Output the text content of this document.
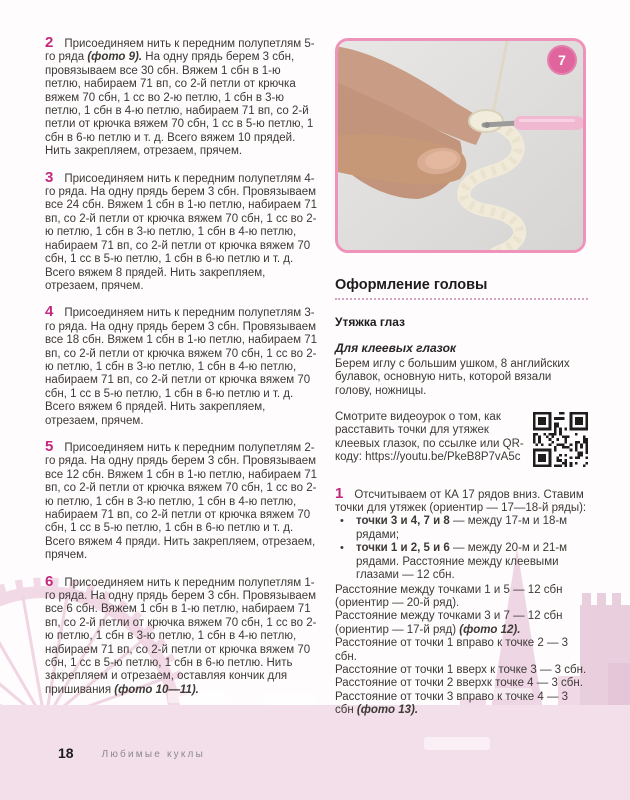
2 Присоединяем нить к передним полупетлям 5-го ряда (фото 9). На одну прядь берем 3 сбн, провязываем все 30 сбн. Вяжем 1 сбн в 1-ю петлю, набираем 71 вп, со 2-й петли от крючка вяжем 70 сбн, 1 сс во 2-ю петлю, 1 сбн в 3-ю петлю, 1 сбн в 4-ю петлю, набираем 71 вп, со 2-й петли от крючка вяжем 70 сбн, 1 сс в 5-ю петлю, 1 сбн в 6-ю петлю и т. д. Всего вяжем 10 прядей. Нить закрепляем, отрезаем, прячем.

3 Присоединяем нить к передним полупетлям 4-го ряда. На одну прядь берем 3 сбн. Провязываем все 24 сбн. Вяжем 1 сбн в 1-ю петлю, набираем 71 вп, со 2-й петли от крючка вяжем 70 сбн, 1 сс во 2-ю петлю, 1 сбн в 3-ю петлю, 1 сбн в 4-ю петлю, набираем 71 вп, со 2-й петли от крючка вяжем 70 сбн, 1 сс в 5-ю петлю, 1 сбн в 6-ю петлю и т. д. Всего вяжем 8 прядей. Нить закрепляем, отрезаем, прячем.

4 Присоединяем нить к передним полупетлям 3-го ряда. На одну прядь берем 3 сбн. Провязываем все 18 сбн. Вяжем 1 сбн в 1-ю петлю, набираем 71 вп, со 2-й петли от крючка вяжем 70 сбн, 1 сс во 2-ю петлю, 1 сбн в 3-ю петлю, 1 сбн в 4-ю петлю, набираем 71 вп, со 2-й петли от крючка вяжем 70 сбн, 1 сс в 5-ю петлю, 1 сбн в 6-ю петлю и т. д. Всего вяжем 6 прядей. Нить закрепляем, отрезаем, прячем.

5 Присоединяем нить к передним полупетлям 2-го ряда. На одну прядь берем 3 сбн. Провязываем все 12 сбн. Вяжем 1 сбн в 1-ю петлю, набираем 71 вп, со 2-й петли от крючка вяжем 70 сбн, 1 сс во 2-ю петлю, 1 сбн в 3-ю петлю, 1 сбн в 4-ю петлю, набираем 71 вп, со 2-й петли от крючка вяжем 70 сбн, 1 сс в 5-ю петлю, 1 сбн в 6-ю петлю и т. д. Всего вяжем 4 пряди. Нить закрепляем, отрезаем, прячем.

6 Присоединяем нить к передним полупетлям 1-го ряда. На одну прядь берем 3 сбн. Провязываем все 6 сбн. Вяжем 1 сбн в 1-ю петлю, набираем 71 вп, со 2-й петли от крючка вяжем 70 сбн, 1 сс во 2-ю петлю, 1 сбн в 3-ю петлю, 1 сбн в 4-ю петлю, набираем 71 вп, со 2-й петли от крючка вяжем 70 сбн, 1 сс в 5-ю петлю, 1 сбн в 6-ю петлю. Нить закрепляем и отрезаем, оставляя кончик для пришивания (фото 10—11).

7
Оформление головы
Утяжка глаз
Для клеевых глазок

Берем иглу с большим ушком, 8 английских булавок, основную нить, которой вязали голову, ножницы.

Смотрите видеоурок о том, как расставить точки для утяжек клеевых глазок, по ссылке или QR-коду: https://youtu.be/PkeB8P7vA5c

1 Отсчитываем от КА 17 рядов вниз. Ставим точки для утяжек (ориентир — 17—18-й ряды):

• точки 3 и 4, 7 и 8 — между 17-м и 18-м рядами;
• точки 1 и 2, 5 и 6 — между 20-м и 21-м рядами. Расстояние между клеевыми глазами — 12 сбн.

Расстояние между точками 1 и 5 — 12 сбн (ориентир — 20-й ряд).

Расстояние между точками 3 и 7 — 12 сбн (ориентир — 17-й ряд) (фото 12).

Расстояние от точки 1 вправо к точке 2 — 3 сбн.

Расстояние от точки 1 вверх к точке 3 — 3 сбн.

Расстояние от точки 2 вверхк точке 4 — 3 сбн.

Расстояние от точки 3 вправо к точке 4 — 3 сбн (фото 13).

18	Любимые куклы
